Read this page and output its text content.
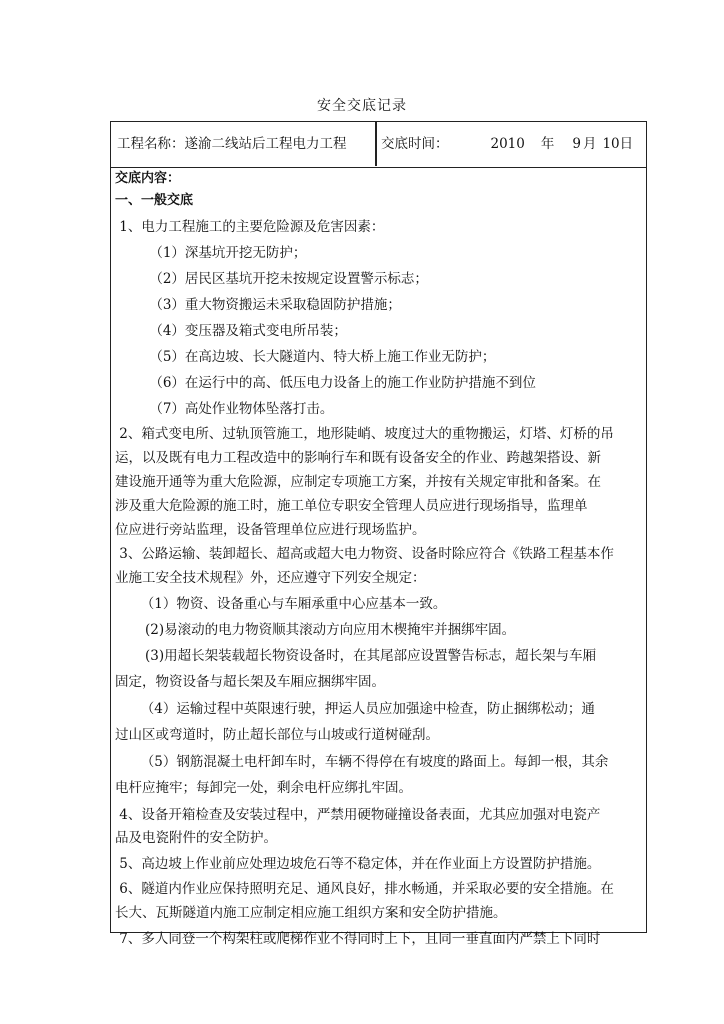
安全交底记录
工程名称：遂渝二线站后工程电力工程	交底时间：	2010 年 9 月 10日
交底内容：
一、一般交底
1、电力工程施工的主要危险源及危害因素：
（1）深基坑开挖无防护；
（2）居民区基坑开挖未按规定设置警示标志；
（3）重大物资搬运未采取稳固防护措施；
（4）变压器及箱式变电所吊装；
（5）在高边坡、长大隧道内、特大桥上施工作业无防护；
（6）在运行中的高、低压电力设备上的施工作业防护措施不到位
（7）高处作业物体坠落打击。
2、箱式变电所、过轨顶管施工，地形陡峭、坡度过大的重物搬运，灯塔、灯桥的吊
运，以及既有电力工程改造中的影响行车和既有设备安全的作业、跨越架搭设、新
建设施开通等为重大危险源，应制定专项施工方案，并按有关规定审批和备案。在
涉及重大危险源的施工时，施工单位专职安全管理人员应进行现场指导，监理单
位应进行旁站监理，设备管理单位应进行现场监护。
3、公路运输、装卸超长、超高或超大电力物资、设备时除应符合《铁路工程基本作
业施工安全技术规程》外，还应遵守下列安全规定：
（1）物资、设备重心与车厢承重中心应基本一致。
(2)易滚动的电力物资顺其滚动方向应用木楔掩牢并捆绑牢固。
(3)用超长架装载超长物资设备时，在其尾部应设置警告标志，超长架与车厢
固定，物资设备与超长架及车厢应捆绑牢固。
（4）运输过程中英限速行驶，押运人员应加强途中检查，防止捆绑松动；通
过山区或弯道时，防止超长部位与山坡或行道树碰刮。
（5）钢筋混凝土电杆卸车时，车辆不得停在有坡度的路面上。每卸一根，其余
电杆应掩牢；每卸完一处，剩余电杆应绑扎牢固。
4、设备开箱检查及安装过程中，严禁用硬物碰撞设备表面，尤其应加强对电瓷产
品及电瓷附件的安全防护。
5、高边坡上作业前应处理边坡危石等不稳定体，并在作业面上方设置防护措施。
6、隧道内作业应保持照明充足、通风良好，排水畅通，并采取必要的安全措施。在
长大、瓦斯隧道内施工应制定相应施工组织方案和安全防护措施。
7、多人同登一个构架柱或爬梯作业不得同时上下，且同一垂直面内严禁上下同时
